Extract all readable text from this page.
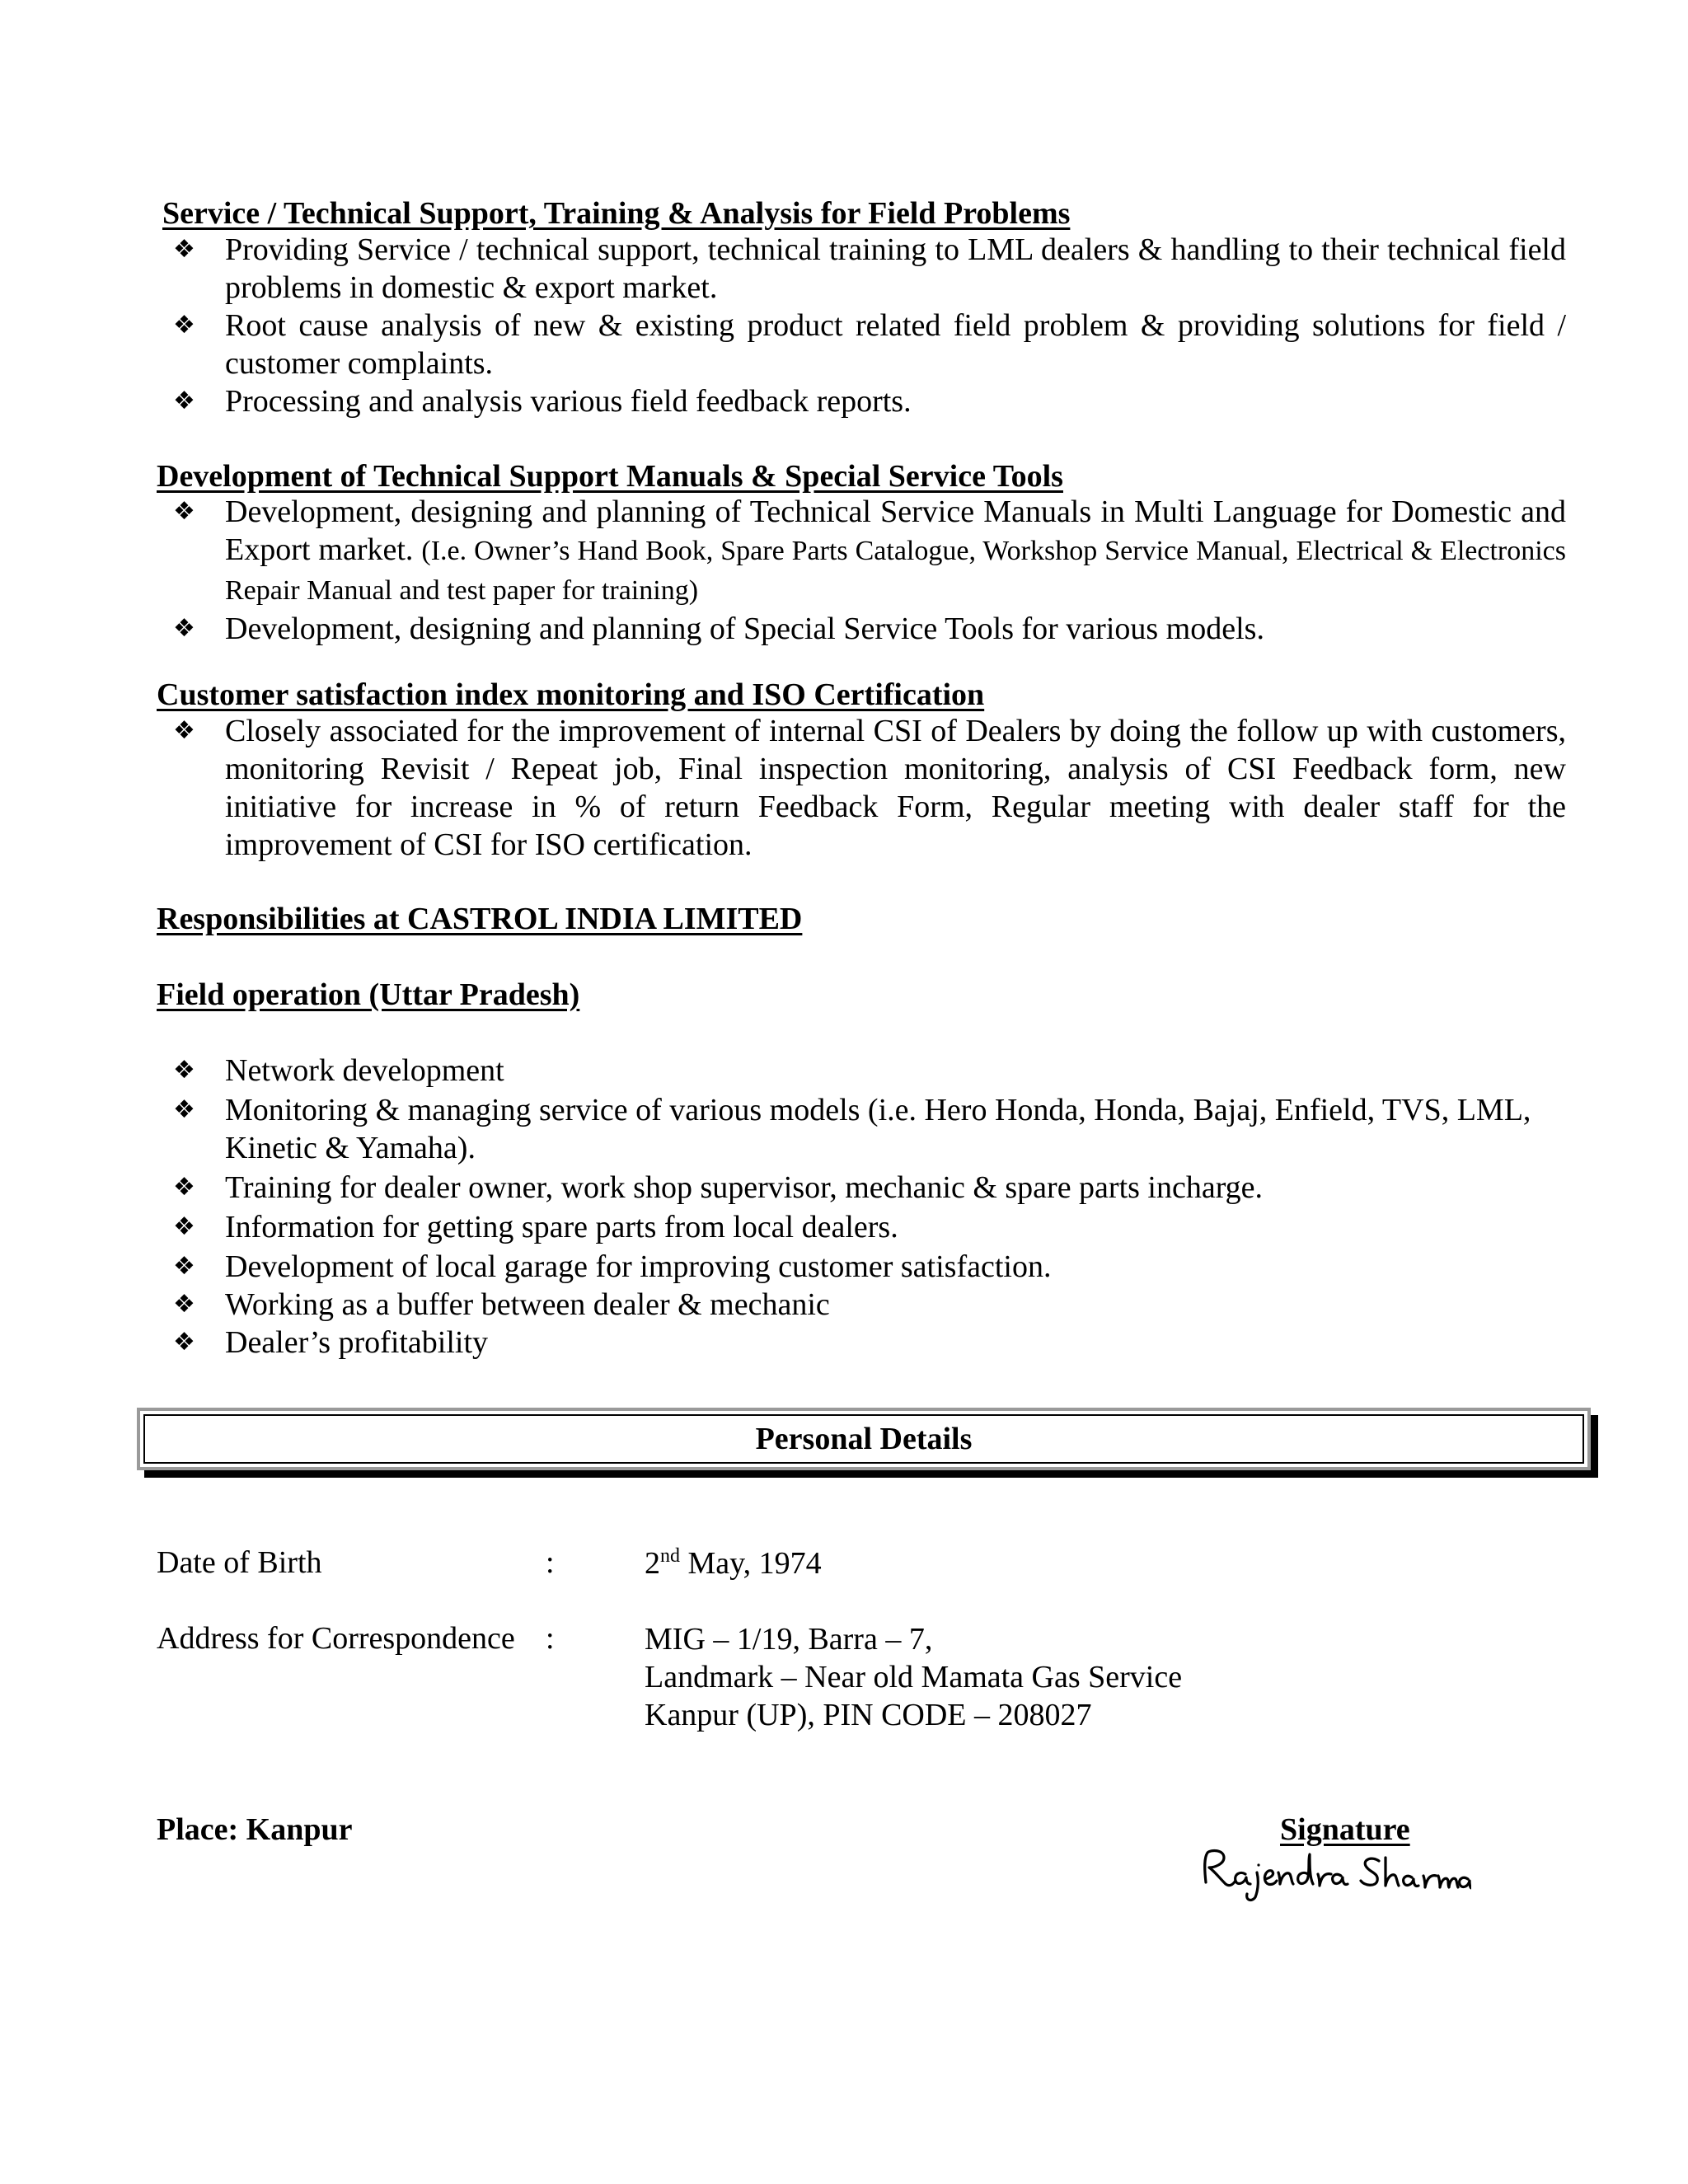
Service / Technical Support, Training & Analysis for Field Problems
❖ Providing Service / technical support, technical training to LML dealers & handling to their technical field problems in domestic & export market.
❖ Root cause analysis of new & existing product related field problem & providing solutions for field / customer complaints.
❖ Processing and analysis various field feedback reports.
Development of Technical Support Manuals & Special Service Tools
❖ Development, designing and planning of Technical Service Manuals in Multi Language for Domestic and Export market. (I.e. Owner’s Hand Book, Spare Parts Catalogue, Workshop Service Manual, Electrical & Electronics Repair Manual and test paper for training)
❖ Development, designing and planning of Special Service Tools for various models.
Customer satisfaction index monitoring and ISO Certification
❖ Closely associated for the improvement of internal CSI of Dealers by doing the follow up with customers, monitoring Revisit / Repeat job, Final inspection monitoring, analysis of CSI Feedback form, new initiative for increase in % of return Feedback Form, Regular meeting with dealer staff for the improvement of CSI for ISO certification.
Responsibilities at CASTROL INDIA LIMITED
Field operation (Uttar Pradesh)
❖ Network development
❖ Monitoring & managing service of various models (i.e. Hero Honda, Honda, Bajaj, Enfield, TVS, LML, Kinetic & Yamaha).
❖ Training for dealer owner, work shop supervisor, mechanic & spare parts incharge.
❖ Information for getting spare parts from local dealers.
❖ Development of local garage for improving customer satisfaction.
❖ Working as a buffer between dealer & mechanic
❖ Dealer’s profitability
Personal Details
Date of Birth	:	2nd May, 1974
Address for Correspondence :	MIG – 1/19, Barra – 7,
Landmark – Near old Mamata Gas Service
Kanpur (UP), PIN CODE – 208027
Place: Kanpur	Signature
